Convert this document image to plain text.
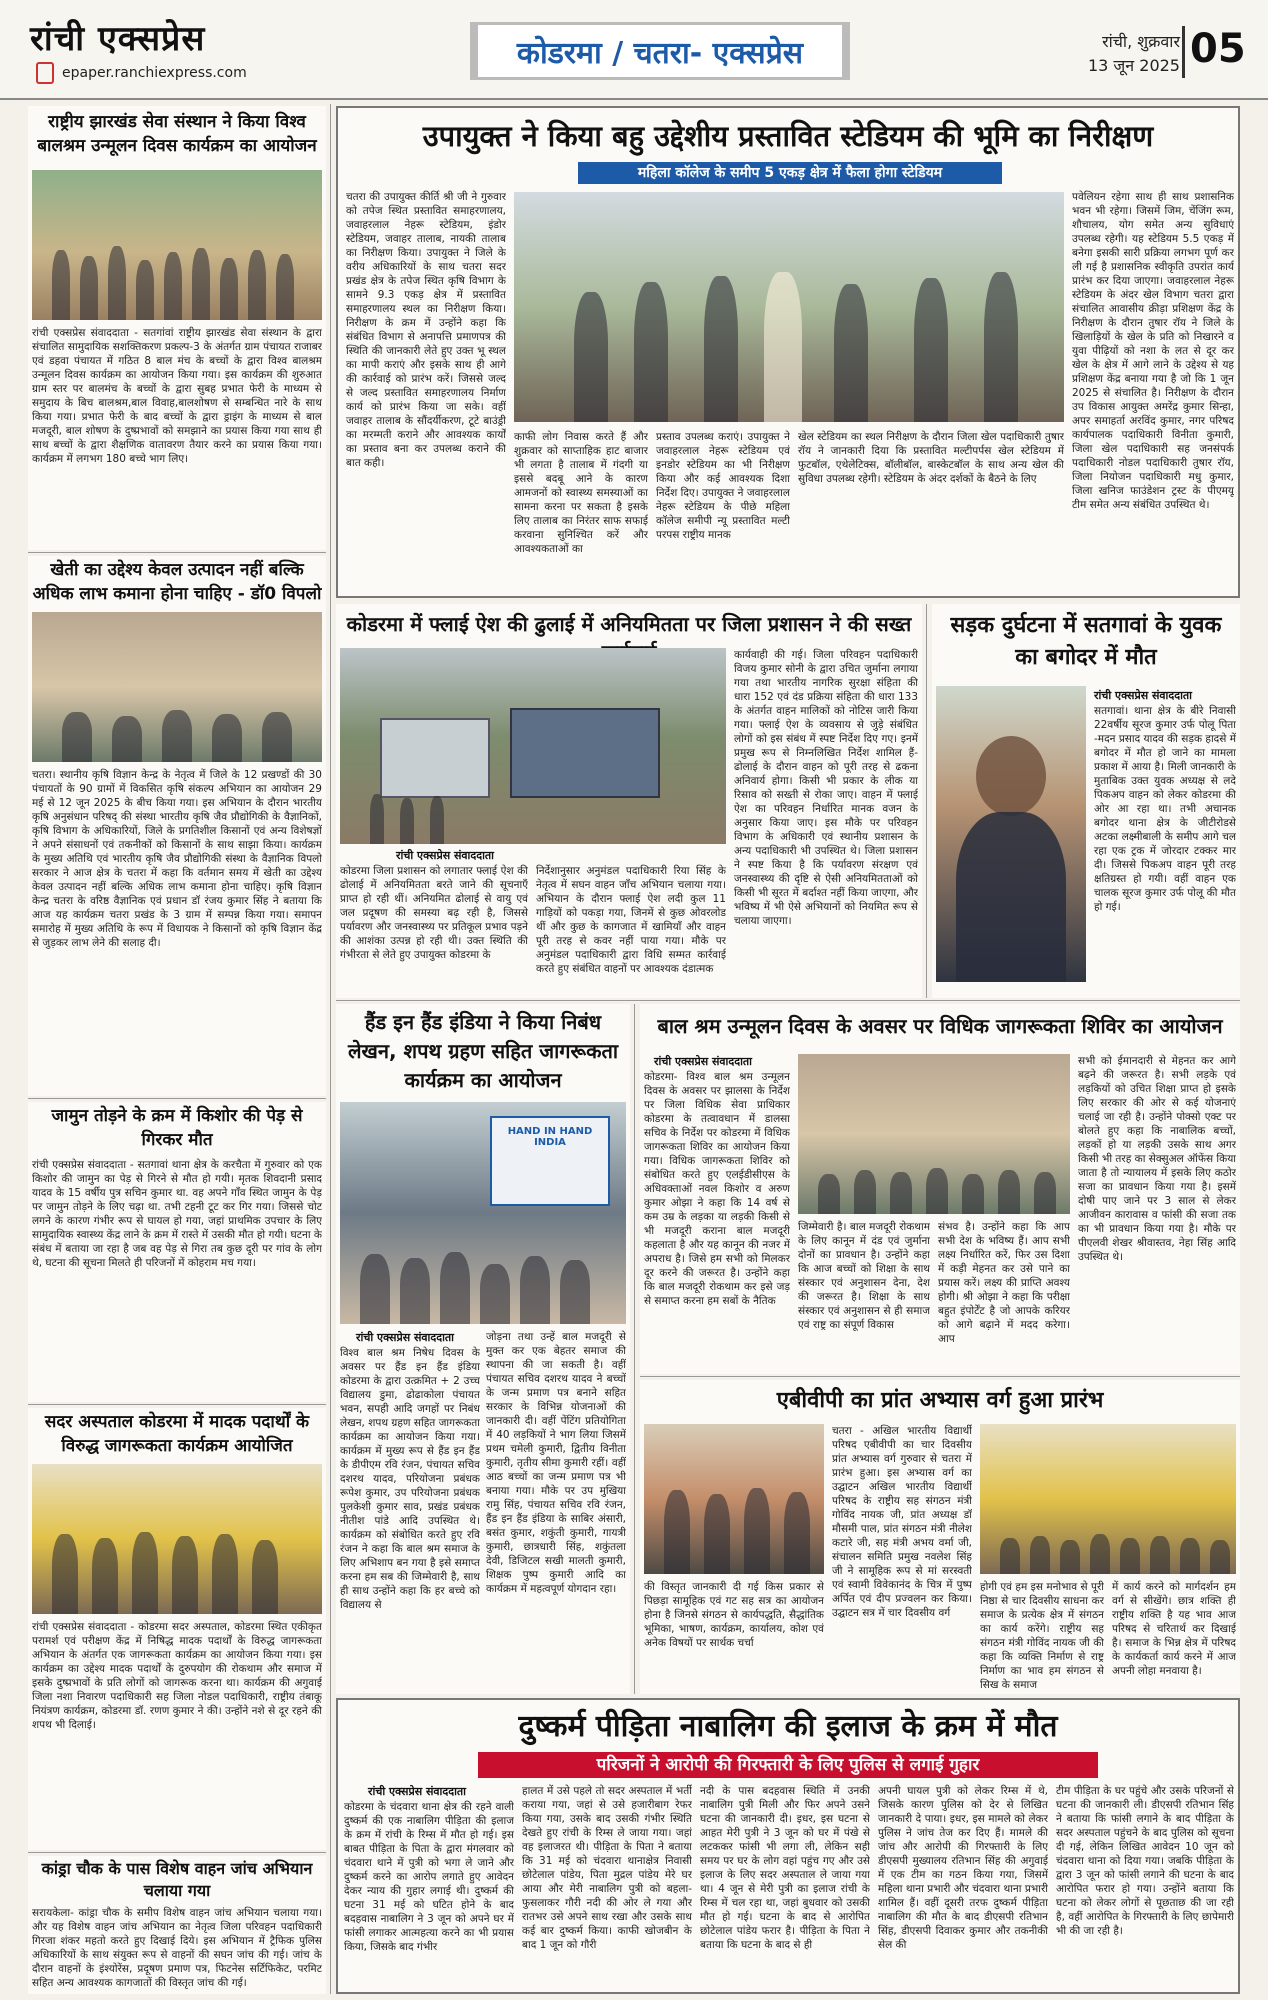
रांची एक्सप्रेस
epaper.ranchiexpress.com
कोडरमा / चतरा- एक्सप्रेस	रांची, शुक्रवार
13 जून 2025 05
राष्ट्रीय झारखंड सेवा संस्थान ने किया विश्व बालश्रम उन्मूलन दिवस कार्यक्रम का आयोजन
रांची एक्सप्रेस संवाददाता - सतगांवां राष्ट्रीय झारखंड सेवा संस्थान के द्वारा संचालित सामुदायिक सशक्तिकरण प्रकल्प-3 के अंतर्गत ग्राम पंचायत राजाबर एवं डहवा पंचायत में गठित 8 बाल मंच के बच्चों के द्वारा विश्व बालश्रम उन्मूलन दिवस कार्यक्रम का आयोजन किया गया। इस कार्यक्रम की शुरुआत ग्राम स्तर पर बालमंच के बच्चों के द्वारा सुबह प्रभात फेरी के माध्यम से समुदाय के बिच बालश्रम,बाल विवाह,बालशोषण से सम्बन्धित नारे के साथ किया गया। प्रभात फेरी के बाद बच्चों के द्वारा ड्राइंग के माध्यम से बाल मजदूरी, बाल शोषण के दुष्प्रभावों को समझाने का प्रयास किया गया साथ ही साथ बच्चों के द्वारा शैक्षणिक वातावरण तैयार करने का प्रयास किया गया। कार्यक्रम में लगभग 180 बच्चे भाग लिए।
खेती का उद्देश्य केवल उत्पादन नहीं बल्कि अधिक लाभ कमाना होना चाहिए - डॉ0 विपलो
चतरा। स्थानीय कृषि विज्ञान केन्द्र के नेतृत्व में जिले के 12 प्रखण्डों की 30 पंचायतों के 90 ग्रामों में विकसित कृषि संकल्प अभियान का आयोजन 29 मई से 12 जून 2025 के बीच किया गया। इस अभियान के दौरान भारतीय कृषि अनुसंधान परिषद् की संस्था भारतीय कृषि जैव प्रौद्योगिकी के वैज्ञानिकों, कृषि विभाग के अधिकारियों, जिले के प्रगतिशील किसानों एवं अन्य विशेषज्ञों ने अपने संसाधनों एवं तकनीकों को किसानों के साथ साझा किया। कार्यक्रम के मुख्य अतिथि एवं भारतीय कृषि जैव प्रौद्योगिकी संस्था के वैज्ञानिक विपलो सरकार ने आज क्षेत्र के चतरा में कहा कि वर्तमान समय में खेती का उद्देश्य केवल उत्पादन नहीं बल्कि अधिक लाभ कमाना होना चाहिए। कृषि विज्ञान केन्द्र चतरा के वरिष्ठ वैज्ञानिक एवं प्रधान डॉ रंजय कुमार सिंह ने बताया कि आज यह कार्यक्रम चतरा प्रखंड के 3 ग्राम में सम्पन्न किया गया। समापन समारोह में मुख्य अतिथि के रूप में विधायक ने किसानों को कृषि विज्ञान केंद्र से जुड़कर लाभ लेने की सलाह दी।
जामुन तोड़ने के क्रम में किशोर की पेड़ से गिरकर मौत
रांची एक्सप्रेस संवाददाता - सतगावां थाना क्षेत्र के करचैता में गुरुवार को एक किशोर की जामुन का पेड़ से गिरने से मौत हो गयी। मृतक शिवदानी प्रसाद यादव के 15 वर्षीय पुत्र सचिन कुमार था. वह अपने गाँव स्थित जामुन के पेड़ पर जामुन तोड़ने के लिए चढ़ा था. तभी टहनी टूट कर गिर गया। जिससे चोट लगने के कारण गंभीर रूप से घायल हो गया, जहां प्राथमिक उपचार के लिए सामुदायिक स्वास्थ्य केंद्र लाने के क्रम में रास्ते में उसकी मौत हो गयी। घटना के संबंध में बताया जा रहा है जब वह पेड़ से गिरा तब कुछ दूरी पर गांव के लोग थे, घटना की सूचना मिलते ही परिजनों में कोहराम मच गया।
सदर अस्पताल कोडरमा में मादक पदार्थों के विरुद्ध जागरूकता कार्यक्रम आयोजित
रांची एक्सप्रेस संवाददाता - कोडरमा सदर अस्पताल, कोडरमा स्थित एकीकृत परामर्श एवं परीक्षण केंद्र में निषिद्ध मादक पदार्थों के विरुद्ध जागरूकता अभियान के अंतर्गत एक जागरूकता कार्यक्रम का आयोजन किया गया। इस कार्यक्रम का उद्देश्य मादक पदार्थों के दुरुपयोग की रोकथाम और समाज में इसके दुष्प्रभावों के प्रति लोगों को जागरूक करना था। कार्यक्रम की अगुवाई जिला नशा निवारण पदाधिकारी सह जिला नोडल पदाधिकारी, राष्ट्रीय तंबाकू नियंत्रण कार्यक्रम, कोडरमा डॉ. रणण कुमार ने की। उन्होंने नशे से दूर रहने की शपथ भी दिलाई।
कांड्रा चौक के पास विशेष वाहन जांच अभियान चलाया गया
सरायकेला- कांड्रा चौक के समीप विशेष वाहन जांच अभियान चलाया गया। और यह विशेष वाहन जांच अभियान का नेतृत्व जिला परिवहन पदाधिकारी गिरजा शंकर महतो करते हुए दिखाई दिये। इस अभियान में ट्रैफिक पुलिस अधिकारियों के साथ संयुक्त रूप से वाहनों की सघन जांच की गई। जांच के दौरान वाहनों के इंश्योरेंस, प्रदूषण प्रमाण पत्र, फिटनेस सर्टिफिकेट, परमिट सहित अन्य आवश्यक कागजातों की विस्तृत जांच की गई।
उपायुक्त ने किया बहु उद्देशीय प्रस्तावित स्टेडियम की भूमि का निरीक्षण
महिला कॉलेज के समीप 5 एकड़ क्षेत्र में फैला होगा स्टेडियम
चतरा की उपायुक्त कीर्ति श्री जी ने गुरुवार को तपेज स्थित प्रस्तावित समाहरणालय, जवाहरलाल नेहरू स्टेडियम, इंडोर स्टेडियम, जवाहर तालाब, नायकी तालाब का निरीक्षण किया। उपायुक्त ने जिले के वरीय अधिकारियों के साथ चतरा सदर प्रखंड क्षेत्र के तपेज स्थित कृषि विभाग के सामने 9.3 एकड़ क्षेत्र में प्रस्तावित समाहरणालय स्थल का निरीक्षण किया। निरीक्षण के क्रम में उन्होंने कहा कि संबंधित विभाग से अनापत्ति प्रमाणपत्र की स्थिति की जानकारी लेते हुए उक्त भू स्थल का मापी कराएं और इसके साथ ही आगे की कार्रवाई को प्रारंभ करें। जिससे जल्द से जल्द प्रस्तावित समाहरणालय निर्माण कार्य को प्रारंभ किया जा सके। वहीं जवाहर तालाब के सौंदर्यीकरण, टूटे बाउंड्री का मरम्मती कराने और आवश्यक कार्यों का प्रस्ताव बना कर उपलब्ध कराने की बात कही।
काफी लोग निवास करते हैं और शुक्रवार को साप्ताहिक हाट बाजार भी लगता है तालाब में गंदगी या इससे बदबू आने के कारण आमजनों को स्वास्थ्य समस्याओं का सामना करना पर सकता है इसके लिए तालाब का निरंतर साफ सफाई करवाना सुनिश्चित करें और आवश्यकताओं का
प्रस्ताव उपलब्ध कराएं। उपायुक्त ने जवाहरलाल नेहरू स्टेडियम एवं इनडोर स्टेडियम का भी निरीक्षण किया और कई आवश्यक दिशा निर्देश दिए। उपायुक्त ने जवाहरलाल नेहरू स्टेडियम के पीछे महिला कॉलेज समीपी न्यू प्रस्तावित मल्टी परपस राष्ट्रीय मानक
खेल स्टेडियम का स्थल निरीक्षण के दौरान जिला खेल पदाधिकारी तुषार रॉय ने जानकारी दिया कि प्रस्तावित मल्टीपर्पस खेल स्टेडियम में फुटबॉल, एथेलेटिक्स, बॉलीबॉल, बास्केटबॉल के साथ अन्य खेल की सुविधा उपलब्ध रहेगी। स्टेडियम के अंदर दर्शकों के बैठने के लिए
पवेलियन रहेगा साथ ही साथ प्रशासनिक भवन भी रहेगा। जिसमें जिम, चेंजिंग रूम, शौचालय, योग समेत अन्य सुविधाएं उपलब्ध रहेगी। यह स्टेडियम 5.5 एकड़ में बनेगा इसकी सारी प्रक्रिया लगभग पूर्ण कर ली गई है प्रशासनिक स्वीकृति उपरांत कार्य प्रारंभ कर दिया जाएगा। जवाहरलाल नेहरू स्टेडियम के अंदर खेल विभाग चतरा द्वारा संचालित आवासीय क्रीड़ा प्रशिक्षण केंद्र के निरीक्षण के दौरान तुषार रॉय ने जिले के खिलाड़ियों के खेल के प्रति को निखारने व युवा पीढ़ियों को नशा के लत से दूर कर खेल के क्षेत्र में आगे लाने के उद्देश्य से यह प्रशिक्षण केंद्र बनाया गया है जो कि 1 जून 2025 से संचालित है। निरीक्षण के दौरान उप विकास आयुक्त अमरेंद्र कुमार सिन्हा, अपर समाहर्ता अरविंद कुमार, नगर परिषद कार्यपालक पदाधिकारी विनीता कुमारी, जिला खेल पदाधिकारी सह जनसंपर्क पदाधिकारी नोडल पदाधिकारी तुषार रॉय, जिला नियोजन पदाधिकारी मधु कुमार, जिला खनिज फाउंडेशन ट्रस्ट के पीएमयू टीम समेत अन्य संबंधित उपस्थित थे।
कोडरमा में फ्लाई ऐश की ढुलाई में अनियमितता पर जिला प्रशासन ने की सख्त
रांची एक्सप्रेस संवाददाता
कोडरमा जिला प्रशासन को लगातार फ्लाई ऐश की ढोलाई में अनियमितता बरते जाने की सूचनाएँ प्राप्त हो रही थीं। अनियमित ढोलाई से वायु एवं जल प्रदूषण की समस्या बढ़ रही है, जिससे पर्यावरण और जनस्वास्थ्य पर प्रतिकूल प्रभाव पड़ने की आशंका उत्पन्न हो रही थी। उक्त स्थिति की गंभीरता से लेते हुए उपायुक्त कोडरमा के
निर्देशानुसार अनुमंडल पदाधिकारी रिया सिंह के नेतृत्व में सघन वाहन जाँच अभियान चलाया गया। अभियान के दौरान फ्लाई ऐश लदी कुल 11 गाड़ियों को पकड़ा गया, जिनमें से कुछ ओवरलोड थीं और कुछ के कागजात में खामियाँ और वाहन पूरी तरह से कवर नहीं पाया गया। मौके पर अनुमंडल पदाधिकारी द्वारा विधि सम्मत कार्रवाई करते हुए संबंधित वाहनों पर आवश्यक दंडात्मक
कार्यवाही की गई। जिला परिवहन पदाधिकारी विजय कुमार सोनी के द्वारा उचित जुर्माना लगाया गया तथा भारतीय नागरिक सुरक्षा संहिता की धारा 152 एवं दंड प्रक्रिया संहिता की धारा 133 के अंतर्गत वाहन मालिकों को नोटिस जारी किया गया। फ्लाई ऐश के व्यवसाय से जुड़े संबंधित लोगों को इस संबंध में स्पष्ट निर्देश दिए गए। इनमें प्रमुख रूप से निम्नलिखित निर्देश शामिल हैं- ढोलाई के दौरान वाहन को पूरी तरह से ढकना अनिवार्य होगा। किसी भी प्रकार के लीक या रिसाव को सख्ती से रोका जाए। वाहन में फ्लाई ऐश का परिवहन निर्धारित मानक वजन के अनुसार किया जाए। इस मौके पर परिवहन विभाग के अधिकारी एवं स्थानीय प्रशासन के अन्य पदाधिकारी भी उपस्थित थे। जिला प्रशासन ने स्पष्ट किया है कि पर्यावरण संरक्षण एवं जनस्वास्थ्य की दृष्टि से ऐसी अनियमितताओं को किसी भी सूरत में बर्दाश्त नहीं किया जाएगा, और भविष्य में भी ऐसे अभियानों को नियमित रूप से चलाया जाएगा।
सड़क दुर्घटना में सतगावां के युवक का बगोदर में मौत
रांची एक्सप्रेस संवाददाता
सतगावां। थाना क्षेत्र के बीरे निवासी 22वर्षीय सूरज कुमार उर्फ पोलू पिता -मदन प्रसाद यादव की सड़क हादसे में बगोदर में मौत हो जाने का मामला प्रकाश में आया है। मिली जानकारी के मुताबिक उक्त युवक अध्यक्ष से लदे पिकअप वाहन को लेकर कोडरमा की ओर आ रहा था। तभी अचानक बगोदर थाना क्षेत्र के जीटीरोडसे अटका लक्ष्मीबाली के समीप आगे चल रहा एक ट्रक में जोरदार टक्कर मार दी। जिससे पिकअप वाहन पूरी तरह क्षतिग्रस्त हो गयी। वहीं वाहन एक चालक सूरज कुमार उर्फ पोलू की मौत हो गई।
हैंड इन हैंड इंडिया ने किया निबंध लेखन, शपथ ग्रहण सहित जागरूकता कार्यक्रम का आयोजन
HAND IN HAND INDIA
रांची एक्सप्रेस संवाददाता
विश्व बाल श्रम निषेध दिवस के अवसर पर हैंड इन हैंड इंडिया कोडरमा के द्वारा उत्क्रमित + 2 उच्च विद्यालय डुमा, ढोढाकोला पंचायत भवन, सपही आदि जगहों पर निबंध लेखन, शपथ ग्रहण सहित जागरूकता कार्यक्रम का आयोजन किया गया। कार्यक्रम में मुख्य रूप से हैंड इन हैंड के डीपीएम रवि रंजन, पंचायत सचिव दशरथ यादव, परियोजना प्रबंधक रूपेश कुमार, उप परियोजना प्रबंधक पुलकेशी कुमार साव, प्रखंड प्रबंधक नीतीश पांडे आदि उपस्थित थे। कार्यक्रम को संबोधित करते हुए रवि रंजन ने कहा कि बाल श्रम समाज के लिए अभिशाप बन गया है इसे समाप्त करना हम सब की जिम्मेवारी है, साथ ही साथ उन्होंने कहा कि हर बच्चे को विद्यालय से
जोड़ना तथा उन्हें बाल मजदूरी से मुक्त कर एक बेहतर समाज की स्थापना की जा सकती है। वहीं पंचायत सचिव दशरथ यादव ने बच्चों के जन्म प्रमाण पत्र बनाने सहित सरकार के विभिन्न योजनाओं की जानकारी दी। वहीं पेंटिंग प्रतियोगिता में 40 लड़कियों ने भाग लिया जिसमें प्रथम चमेली कुमारी, द्वितीय विनीता कुमारी, तृतीय सीमा कुमारी रहीं। वहीं आठ बच्चों का जन्म प्रमाण पत्र भी बनाया गया। मौके पर उप मुखिया रामु सिंह, पंचायत सचिव रवि रंजन, हैंड इन हैंड इंडिया के साबिर अंसारी, बसंत कुमार, शकुंती कुमारी, गायत्री कुमारी, छात्रधारी सिंह, शकुंतला देवी, डिजिटल सखी मालती कुमारी, शिक्षक पुष्प कुमारी आदि का कार्यक्रम में महत्वपूर्ण योगदान रहा।
बाल श्रम उन्मूलन दिवस के अवसर पर विधिक जागरूकता शिविर का आयोजन
रांची एक्सप्रेस संवाददाता
कोडरमा- विश्व बाल श्रम उन्मूलन दिवस के अवसर पर झालसा के निर्देश पर जिला विधिक सेवा प्राधिकार कोडरमा के तत्वावधान में डालसा सचिव के निर्देश पर कोडरमा में विधिक जागरूकता शिविर का आयोजन किया गया। विधिक जागरूकता शिविर को संबोधित करते हुए एलईडीसीएस के अधिवक्ताओं नवल किशोर व अरुण कुमार ओझा ने कहा कि 14 वर्ष से कम उम्र के लड़का या लड़की किसी से भी मजदूरी कराना बाल मजदूरी कहलाता है और यह कानून की नजर में अपराध है। जिसे हम सभी को मिलकर दूर करने की जरूरत है। उन्होंने कहा कि बाल मजदूरी रोकथाम कर इसे जड़ से समाप्त करना हम सबों के नैतिक
जिम्मेवारी है। बाल मजदूरी रोकथाम के लिए कानून में दंड एवं जुर्माना दोनों का प्रावधान है। उन्होंने कहा कि आज बच्चों को शिक्षा के साथ संस्कार एवं अनुशासन देना, देश की जरूरत है। शिक्षा के साथ संस्कार एवं अनुशासन से ही समाज एवं राष्ट्र का संपूर्ण विकास
संभव है। उन्होंने कहा कि आप सभी देश के भविष्य हैं। आप सभी लक्ष्य निर्धारित करें, फिर उस दिशा में कड़ी मेहनत कर उसे पाने का प्रयास करें। लक्ष्य की प्राप्ति अवश्य होगी। श्री ओझा ने कहा कि परीक्षा बहुत इंपोर्टेंट है जो आपके करियर को आगे बढ़ाने में मदद करेगा। आप
सभी को ईमानदारी से मेहनत कर आगे बढ़ने की जरूरत है। सभी लड़के एवं लड़कियों को उचित शिक्षा प्राप्त हो इसके लिए सरकार की ओर से कई योजनाएं चलाई जा रही है। उन्होंने पोक्सो एक्ट पर बोलते हुए कहा कि नाबालिक बच्चों, लड़कों हो या लड़की उसके साथ अगर किसी भी तरह का सेक्सुअल ऑफेंस किया जाता है तो न्यायालय में इसके लिए कठोर सजा का प्रावधान किया गया है। इसमें दोषी पाए जाने पर 3 साल से लेकर आजीवन कारावास व फांसी की सजा तक का भी प्रावधान किया गया है। मौके पर पीएलवी शेखर श्रीवास्तव, नेहा सिंह आदि उपस्थित थे।
एबीवीपी का प्रांत अभ्यास वर्ग हुआ प्रारंभ
चतरा - अखिल भारतीय विद्यार्थी परिषद एबीवीपी का चार दिवसीय प्रांत अभ्यास वर्ग गुरुवार से चतरा में प्रारंभ हुआ। इस अभ्यास वर्ग का उद्घाटन अखिल भारतीय विद्यार्थी परिषद के राष्ट्रीय सह संगठन मंत्री गोविंद नायक जी, प्रांत अध्यक्ष डॉ मौसमी पाल, प्रांत संगठन मंत्री नीलेश कटारे जी, सह मंत्री अभय वर्मा जी, संचालन समिति प्रमुख नवलेश सिंह जी ने सामूहिक रूप से मां सरस्वती एवं स्वामी विवेकानंद के चित्र में पुष्प अर्पित एवं दीप प्रज्वलन कर किया। उद्घाटन सत्र में चार दिवसीय वर्ग
की विस्तृत जानकारी दी गई किस प्रकार से पिछड़ा सामूहिक एवं गट सह सत्र का आयोजन होना है जिनसे संगठन से कार्यपद्धति, सैद्धांतिक भूमिका, भाषण, कार्यक्रम, कार्यालय, कोश एवं अनेक विषयों पर सार्थक चर्चा
होगी एवं हम इस मनोभाव से पूरी निष्ठा से चार दिवसीय साधना कर समाज के प्रत्येक क्षेत्र में संगठन का कार्य करेंगे। राष्ट्रीय सह संगठन मंत्री गोविंद नायक जी की कहा कि व्यक्ति निर्माण से राष्ट्र निर्माण का भाव हम संगठन से सिख के समाज
में कार्य करने को मार्गदर्शन हम वर्ग से सीखेंगे। छात्र शक्ति ही राष्ट्रीय शक्ति है यह भाव आज परिषद से चरितार्थ कर दिखाई है। समाज के भिन्न क्षेत्र में परिषद के कार्यकर्ता कार्य करने में आज अपनी लोहा मनवाया है।
दुष्कर्म पीड़िता नाबालिग की इलाज के क्रम में मौत
परिजनों ने आरोपी की गिरफ्तारी के लिए पुलिस से लगाई गुहार
रांची एक्सप्रेस संवाददाता
कोडरमा के चंदवारा थाना क्षेत्र की रहने वाली दुष्कर्म की एक नाबालिग पीड़िता की इलाज के क्रम में रांची के रिम्स में मौत हो गई। इस बाबत पीड़िता के पिता के द्वारा मंगलवार को चंदवारा थाने में पुत्री को भगा ले जाने और दुष्कर्म करने का आरोप लगाते हुए आवेदन देकर न्याय की गुहार लगाई थी। दुष्कर्म की घटना 31 मई को घटित होने के बाद बदहवास नाबालिग ने 3 जून को अपने घर में फांसी लगाकर आत्महत्या करने का भी प्रयास किया, जिसके बाद गंभीर
हालत में उसे पहले तो सदर अस्पताल में भर्ती कराया गया, जहां से उसे हजारीबाग रेफर किया गया, उसके बाद उसकी गंभीर स्थिति देखते हुए रांची के रिम्स ले जाया गया। जहां वह इलाजरत थी। पीड़िता के पिता ने बताया कि 31 मई को चंदवारा थानाक्षेत्र निवासी छोटेलाल पांडेय, पिता मुद्रल पांडेय मेरे घर आया और मेरी नाबालिग पुत्री को बहला-फुसलाकर गौरी नदी की ओर ले गया और रातभर उसे अपने साथ रखा और उसके साथ कई बार दुष्कर्म किया। काफी खोजबीन के बाद 1 जून को गौरी
नदी के पास बदहवास स्थिति में उनकी नाबालिग पुत्री मिली और फिर अपने उसने घटना की जानकारी दी। इधर, इस घटना से आहत मेरी पुत्री ने 3 जून को घर में पंखे से लटककर फांसी भी लगा ली, लेकिन सही समय पर घर के लोग वहां पहुंच गए और उसे इलाज के लिए सदर अस्पताल ले जाया गया था। 4 जून से मेरी पुत्री का इलाज रांची के रिम्स में चल रहा था, जहां बुधवार को उसकी मौत हो गई। घटना के बाद से आरोपित छोटेलाल पांडेय फरार है। पीड़िता के पिता ने बताया कि घटना के बाद से ही
अपनी घायल पुत्री को लेकर रिम्स में थे, जिसके कारण पुलिस को देर से लिखित जानकारी दे पाया। इधर, इस मामले को लेकर पुलिस ने जांच तेज कर दिए हैं। मामले की जांच और आरोपी की गिरफ्तारी के लिए डीएसपी मुख्यालय रतिभान सिंह की अगुवाई में एक टीम का गठन किया गया, जिसमें महिला थाना प्रभारी और चंदवारा थाना प्रभारी शामिल हैं। वहीं दूसरी तरफ दुष्कर्म पीड़िता नाबालिग की मौत के बाद डीएसपी रतिभान सिंह, डीएसपी दिवाकर कुमार और तकनीकी सेल की
टीम पीड़िता के घर पहुंचे और उसके परिजनों से घटना की जानकारी ली। डीएसपी रतिभान सिंह ने बताया कि फांसी लगाने के बाद पीड़िता के सदर अस्पताल पहुंचने के बाद पुलिस को सूचना दी गई, लेकिन लिखित आवेदन 10 जून को चंदवारा थाना को दिया गया। जबकि पीड़िता के द्वारा 3 जून को फांसी लगाने की घटना के बाद आरोपित फरार हो गया। उन्होंने बताया कि घटना को लेकर लोगों से पूछताछ की जा रही है, वहीं आरोपित के गिरफ्तारी के लिए छापेमारी भी की जा रही है।
